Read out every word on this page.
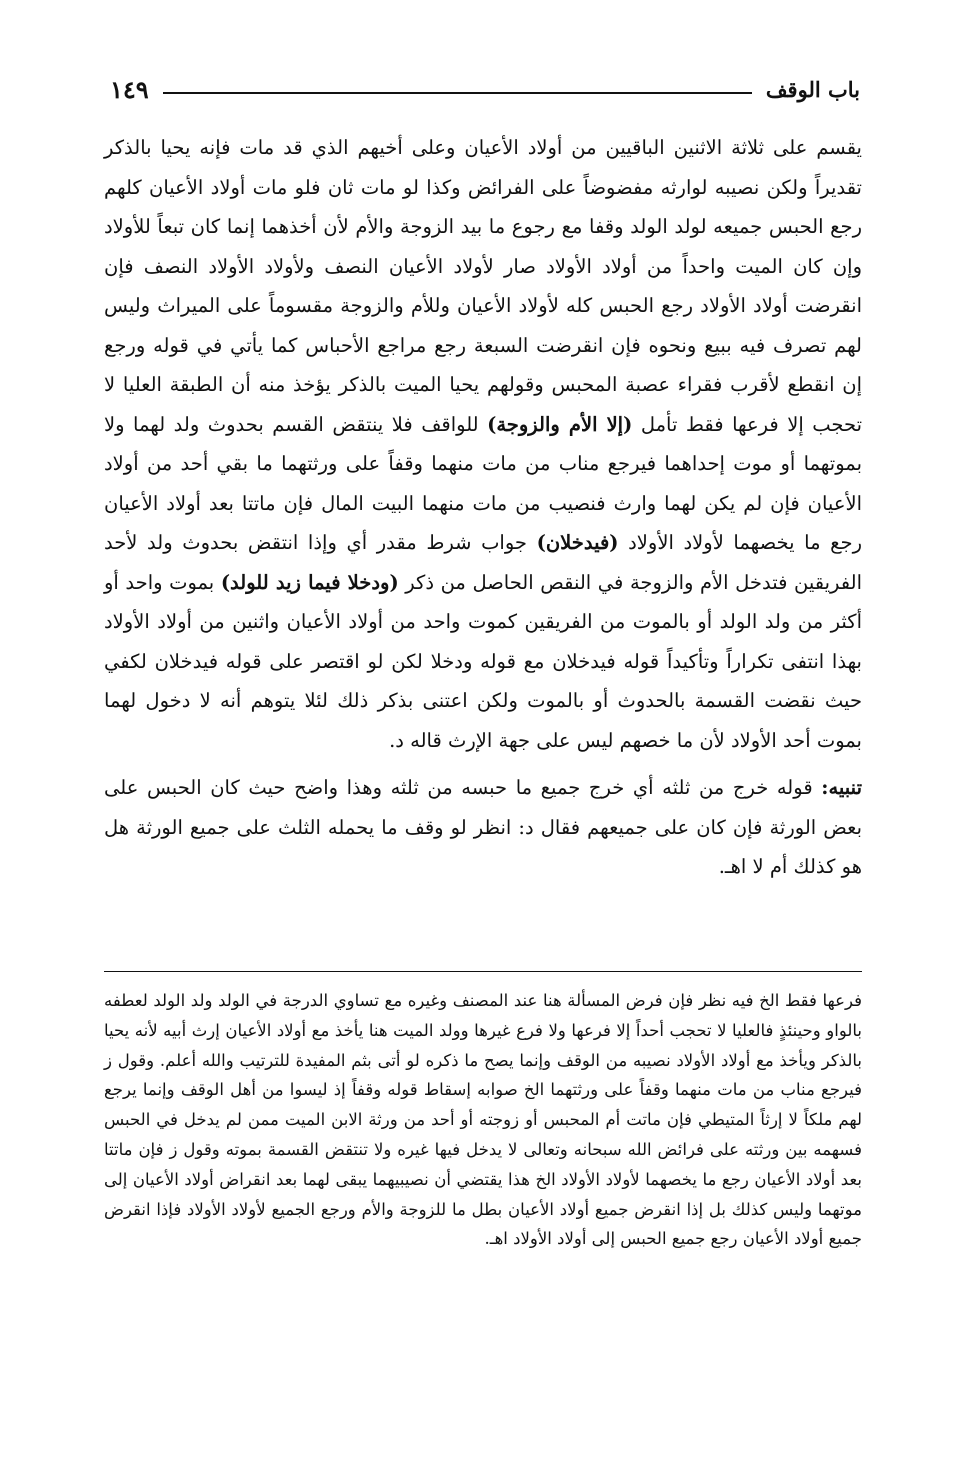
باب الوقف
١٤٩

يقسم على ثلاثة الاثنين الباقيين من أولاد الأعيان وعلى أخيهم الذي قد مات فإنه يحيا بالذكر تقديراً ولكن نصيبه لوارثه مفضوضاً على الفرائض وكذا لو مات ثان فلو مات أولاد الأعيان كلهم رجع الحبس جميعه لولد الولد وقفا مع رجوع ما بيد الزوجة والأم لأن أخذهما إنما كان تبعاً للأولاد وإن كان الميت واحداً من أولاد الأولاد صار لأولاد الأعيان النصف ولأولاد الأولاد النصف فإن انقرضت أولاد الأولاد رجع الحبس كله لأولاد الأعيان وللأم والزوجة مقسوماً على الميراث وليس لهم تصرف فيه ببيع ونحوه فإن انقرضت السبعة رجع مراجع الأحباس كما يأتي في قوله ورجع إن انقطع لأقرب فقراء عصبة المحبس وقولهم يحيا الميت بالذكر يؤخذ منه أن الطبقة العليا لا تحجب إلا فرعها فقط تأمل (إلا الأم والزوجة) للواقف فلا ينتقض القسم بحدوث ولد لهما ولا بموتهما أو موت إحداهما فيرجع مناب من مات منهما وقفاً على ورثتهما ما بقي أحد من أولاد الأعيان فإن لم يكن لهما وارث فنصيب من مات منهما البيت المال فإن ماتتا بعد أولاد الأعيان رجع ما يخصهما لأولاد الأولاد (فيدخلان) جواب شرط مقدر أي وإذا انتقض بحدوث ولد لأحد الفريقين فتدخل الأم والزوجة في النقص الحاصل من ذكر (ودخلا فيما زيد للولد) بموت واحد أو أكثر من ولد الولد أو بالموت من الفريقين كموت واحد من أولاد الأعيان واثنين من أولاد الأولاد بهذا انتفى تكراراً وتأكيداً قوله فيدخلان مع قوله ودخلا لكن لو اقتصر على قوله فيدخلان لكفي حيث نقضت القسمة بالحدوث أو بالموت ولكن اعتنى بذكر ذلك لئلا يتوهم أنه لا دخول لهما بموت أحد الأولاد لأن ما خصهم ليس على جهة الإرث قاله د.

تنبيه: قوله خرج من ثلثه أي خرج جميع ما حبسه من ثلثه وهذا واضح حيث كان الحبس على بعض الورثة فإن كان على جميعهم فقال د: انظر لو وقف ما يحمله الثلث على جميع الورثة هل هو كذلك أم لا اهـ.

فرعها فقط الخ فيه نظر فإن فرض المسألة هنا عند المصنف وغيره مع تساوي الدرجة في الولد ولد الولد لعطفه بالواو وحينئذٍ فالعليا لا تحجب أحداً إلا فرعها ولا فرع غيرها وولد الميت هنا يأخذ مع أولاد الأعيان إرث أبيه لأنه يحيا بالذكر ويأخذ مع أولاد الأولاد نصيبه من الوقف وإنما يصح ما ذكره لو أتى بثم المفيدة للترتيب والله أعلم. وقول ز فيرجع مناب من مات منهما وقفاً على ورثتهما الخ صوابه إسقاط قوله وقفاً إذ ليسوا من أهل الوقف وإنما يرجع لهم ملكاً لا إرثاً المتيطي فإن ماتت أم المحبس أو زوجته أو أحد من ورثة الابن الميت ممن لم يدخل في الحبس فسهمه بين ورثته على فرائض الله سبحانه وتعالى لا يدخل فيها غيره ولا تنتقض القسمة بموته وقول ز فإن ماتتا بعد أولاد الأعيان رجع ما يخصهما لأولاد الأولاد الخ هذا يقتضي أن نصيبيهما يبقى لهما بعد انقراض أولاد الأعيان إلى موتهما وليس كذلك بل إذا انقرض جميع أولاد الأعيان بطل ما للزوجة والأم ورجع الجميع لأولاد الأولاد فإذا انقرض جميع أولاد الأعيان رجع جميع الحبس إلى أولاد الأولاد اهـ.
